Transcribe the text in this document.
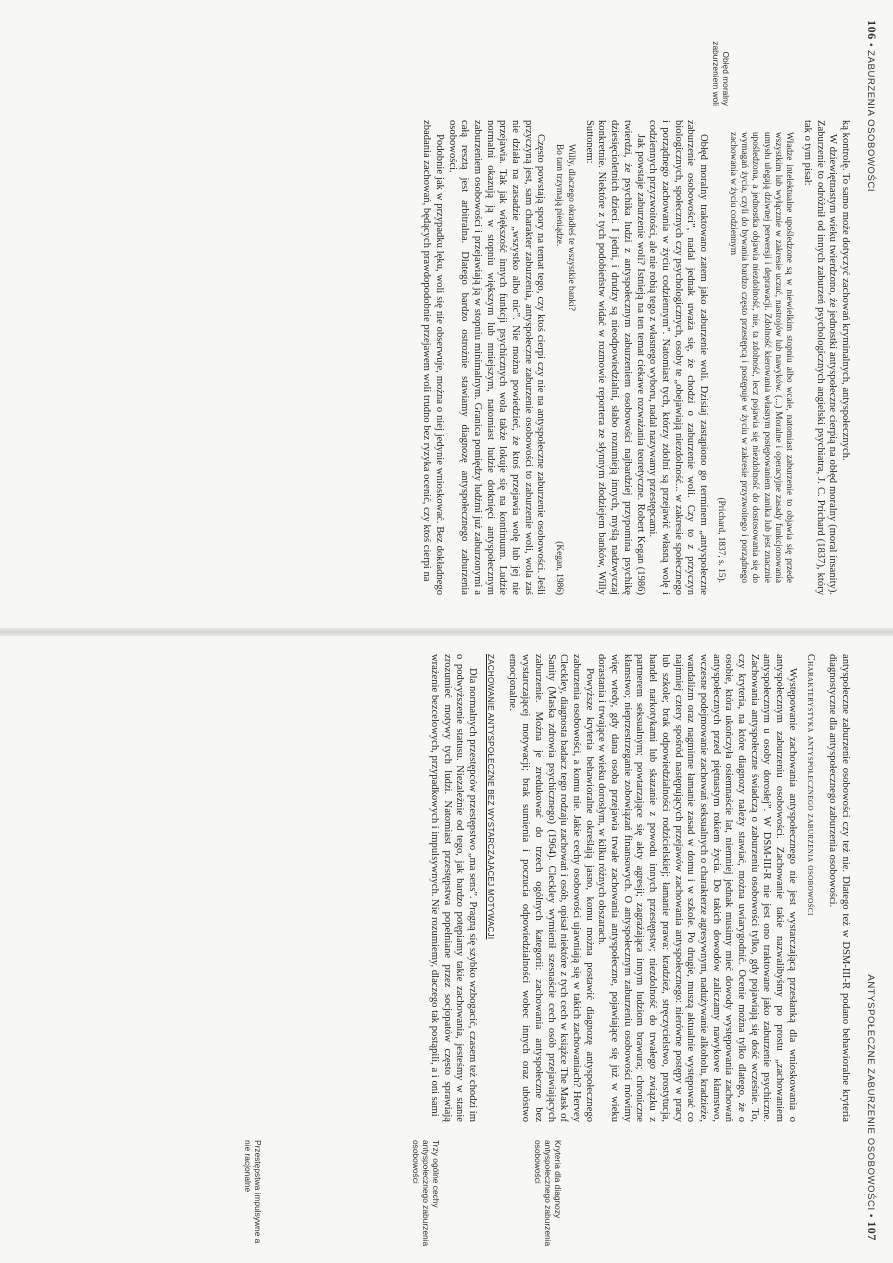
106 • ZABURZENIA OSOBOWOŚCI
Obłęd moralny zaburzeniem woli

ką kontrolę. To samo może dotyczyć zachowań kryminalnych, antyspołecznych.

W dziewiętnastym wieku twierdzono, że jednostki antyspołeczne cierpią na obłęd moralny (moral insanity). Zaburzenie to odróżnił od innych zaburzeń psychologicznych angielski psychiatra, J. C. Prichard (1837), który tak o tym pisał:

Władze intelektualne upośledzone są w niewielkim stopniu albo wcale, natomiast zaburzenie to objawia się przede wszystkim lub wyłącznie w zakresie uczuć, nastrojów lub nawyków. (...) Moralne i operacyjne zasady funkcjonowania umysłu ulegają dziwnej perwersji i deprawacji. Zdolność kierowania własnym postępowaniem zanika lub jest znacznie upośledzona, a jednostka objawia niezdolność, nie, ta zdolność, lecz pojawia się niezdolność do dostosowania się do wymagań życia, czyli do bywania bardzo często przestępcą i postępuje w życiu w zakresie przyzwoitego i porządnego zachowania w życiu codziennym
(Prichard, 1837, s. 15).

Obłęd moralny traktowano zatem jako zaburzenie woli. Dzisiaj zastąpiono go terminem „antyspołeczne zaburzenie osobowości”, nadal jednak uważa się, że chodzi o zaburzenie woli. Czy to z przyczyn biologicznych, społecznych czy psychologicznych, osoby te „obejawiają niezdolność... w zakresie społecznego i porządnego zachowania w życiu codziennym”. Natomiast tych, którzy zdolni są przejawić własną wolę i codziennych przyzwoitości, ale nie robią tego z własnego wyboru, nadal nazywamy przestępcami.

Jak powstaje zaburzenie woli? Istnieją na ten temat ciekawe rozważania teoretyczne. Robert Kegan (1986) twierdzi, że psychika ludzi z antyspołecznym zaburzeniem osobowości najbardziej przypomina psychikę dziesięcioletnich dzieci. I jedni, i drudzy są nieodpowiedzialni, słabo rozumieją innych, myślą nadzwyczaj konkretnie. Niektóre z tych podobieństw widać w rozmowie reportera ze słynnym złodziejem banków, Willy Suttonem:

Willy, dlaczego okradłeś te wszystkie banki?
Bo tam trzymają pieniądze.
(Kegan, 1986)

Często powstają spory na temat tego, czy ktoś cierpi czy nie na antyspołeczne zaburzenie osobowości. Jeśli przyczyną jest, sam charakter zaburzenia, antyspołeczne zaburzenie osobowości to zaburzenie woli, wola zaś nie działa na zasadzie „wszystko albo nic”. Nie można powiedzieć, że ktoś przejawia wolę lub jej nie przejawia. Tak jak większość innych funkcji psychicznych wola także lokuje się na kontinuum. Ludzie normalni okazują ją w stopniu większym lub mniejszym, natomiast ludzie dotknięci antyspołecznym zaburzeniem osobowości i przejawiają ją w stopniu minimalnym. Granica pomiędzy ludźmi już zaburzonymi a całą resztą jest arbitralna. Dlatego bardzo ostrożnie stawiamy diagnozę antyspołecznego zaburzenia osobowości.

Podobnie jak w przypadku lęku, woli się nie obserwuje, można o niej jedynie wnioskować. Bez dokładnego zbadania zachowań, będących prawdopodobnie przejawem woli trudno bez ryzyka ocenić, czy ktoś cierpi na

ANTYSPOŁECZNE ZABURZENIE OSOBOWOŚCI • 107
Kryteria dla diagnozy antyspołecznego zaburzenia osobowości
Trzy ogólne cechy antyspołecznego zaburzenia osobowości
Przestępstwa impulsywne a nie racjonalne

antyspołeczne zaburzenie osobowości czy też nie. Dlatego też w DSM-III-R podano behawioralne kryteria diagnostyczne dla antyspołecznego zaburzenia osobowości.

Charakterystyka antyspołecznego zaburzenia osobowości

Występowanie zachowania antyspołecznego nie jest wystarczającą przesłanką dla wnioskowania o antyspołecznym zaburzeniu osobowości. Zachowanie takie nazwalibyśmy po prostu „zachowaniem antyspołecznym u osoby dorosłej”. W DSM-III-R nie jest ono traktowane jako zaburzenie psychiczne. Zachowania antyspołeczne świadczą o zaburzeniu osobowości tylko, gdy pojawiają się dość wcześnie. To, czy kryteria, na które diagnozy należy stawiać, można uwiarygodnić. Ocenie można tylko dlatego, że o osobie, która ukończyła osiemnaście lat, niemniej jednak musimy mieć dowody występowania zachowań antyspołecznych przed piętnastym rokiem życia. Do takich dowodów zaliczamy nawykowe kłamstwo, wczesne podejmowanie zachowań seksualnych o charakterze agresywnym, nadużywanie alkoholu, kradzieże, wandalizm oraz nagminne łamanie zasad w domu i w szkole. Po drugie, muszą aktualnie występować co najmniej cztery spośród następujących przejawów zachowania antyspołecznego: nierówne postępy w pracy lub szkole; brak odpowiedzialności rodzicielskiej; łamanie prawa: kradzież, stręczycielstwo, prostytucja, handel narkotykami lub skazanie z powodu innych przestępstw; niezdolność do trwałego związku z partnerem seksualnym; powtarzające się akty agresji; zagrażająca innym ludziom brawura; chroniczne kłamstwo; nieprzestrzeganie zobowiązań finansowych. O antyspołecznym zaburzeniu osobowości mówimy więc wtedy, gdy dana osoba przejawia trwałe zachowania antyspołeczne, pojawiające się już w wieku dorastania i trwające w wieku dorosłym, w kilku różnych obszarach.

Powyższe kryteria behawioralne określają jasno, komu można postawić diagnozę antyspołecznego zaburzenia osobowości, a komu nie. Jakie cechy osobowości ujawniają się w takich zachowaniach? Hervey Cleckley, diagnosta badacz tego rodzaju zachowań i osób, opisał niektóre z tych cech w książce The Mask of Sanity (Maska zdrowia psychicznego) (1964). Cleckley wymienił szesnaście cech osób przejawiających zaburzenie. Można je zredukować do trzech ogólnych kategorii: zachowania antyspołeczne bez wystarczającej motywacji; brak sumienia i poczucia odpowiedzialności wobec innych oraz ubóstwo emocjonalne.

ZACHOWANIE ANTYSPOŁECZNE BEZ WYSTARCZAJĄCEJ MOTYWACJI

Dla normalnych przestępców przestępstwo „ma sens”. Pragną się szybko wzbogacić, czasem też chodzi im o podwyższenie statusu. Niezależnie od tego, jak bardzo potępiamy takie zachowania, jesteśmy w stanie zrozumieć motywy tych ludzi. Natomiast przestępstwa popełniane przez socjopatów często sprawiają wrażenie bezcelowych, przypadkowych i impulsywnych. Nie rozumiemy, dlaczego tak postąpili, a i oni sami
